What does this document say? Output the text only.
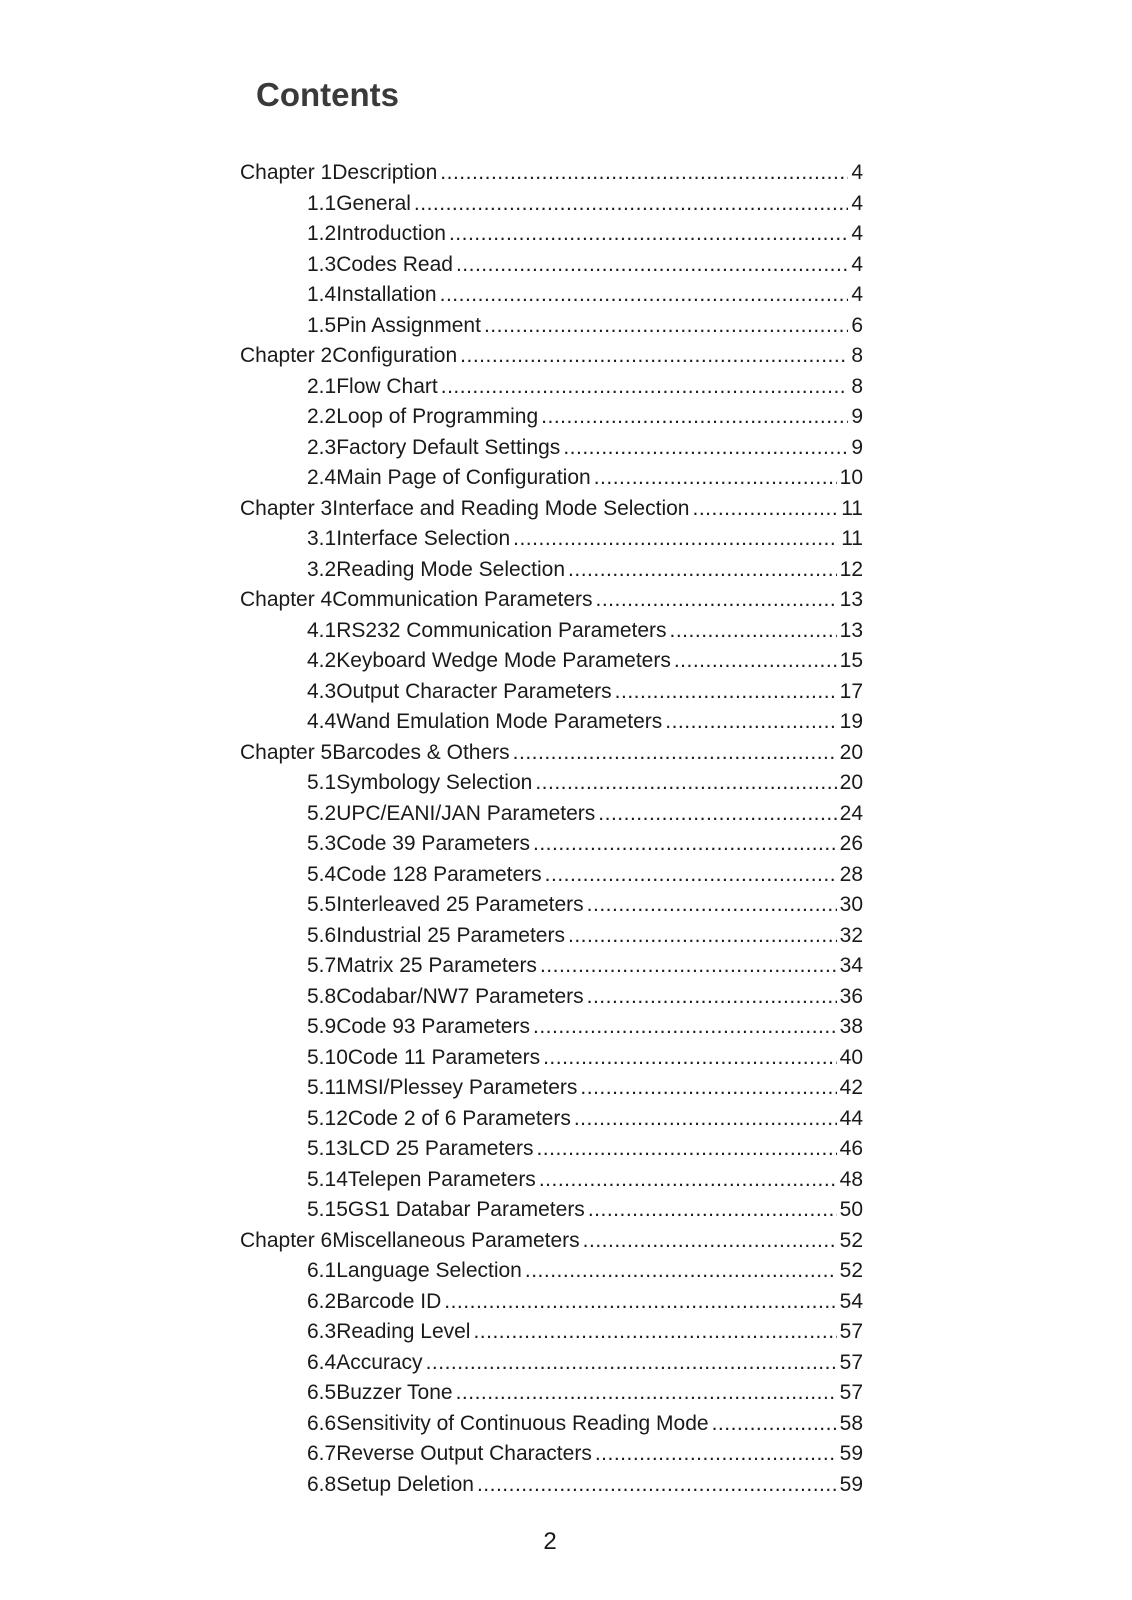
Contents
Chapter 1 Description .....	4
1.1 General .....	4
1.2 Introduction .....	4
1.3 Codes Read .....	4
1.4 Installation .....	4
1.5 Pin Assignment .....	6
Chapter 2 Configuration .....	8
2.1 Flow Chart .....	8
2.2 Loop of Programming .....	9
2.3 Factory Default Settings .....	9
2.4 Main Page of Configuration .....	10
Chapter 3 Interface and Reading Mode Selection .....	11
3.1 Interface Selection .....	11
3.2 Reading Mode Selection .....	12
Chapter 4 Communication Parameters .....	13
4.1 RS232 Communication Parameters .....	13
4.2 Keyboard Wedge Mode Parameters .....	15
4.3 Output Character Parameters .....	17
4.4 Wand Emulation Mode Parameters .....	19
Chapter 5 Barcodes & Others .....	20
5.1 Symbology Selection .....	20
5.2 UPC/EANI/JAN Parameters .....	24
5.3 Code 39 Parameters .....	26
5.4 Code 128 Parameters .....	28
5.5 Interleaved 25 Parameters .....	30
5.6 Industrial 25 Parameters .....	32
5.7 Matrix 25 Parameters .....	34
5.8 Codabar/NW7 Parameters .....	36
5.9 Code 93 Parameters .....	38
5.10 Code 11 Parameters .....	40
5.11 MSI/Plessey Parameters .....	42
5.12 Code 2 of 6 Parameters .....	44
5.13 LCD 25 Parameters .....	46
5.14 Telepen Parameters .....	48
5.15 GS1 Databar Parameters .....	50
Chapter 6 Miscellaneous Parameters .....	52
6.1 Language Selection .....	52
6.2 Barcode ID .....	54
6.3 Reading Level .....	57
6.4 Accuracy .....	57
6.5 Buzzer Tone .....	57
6.6 Sensitivity of Continuous Reading Mode .....	58
6.7 Reverse Output Characters .....	59
6.8 Setup Deletion .....	59
2
